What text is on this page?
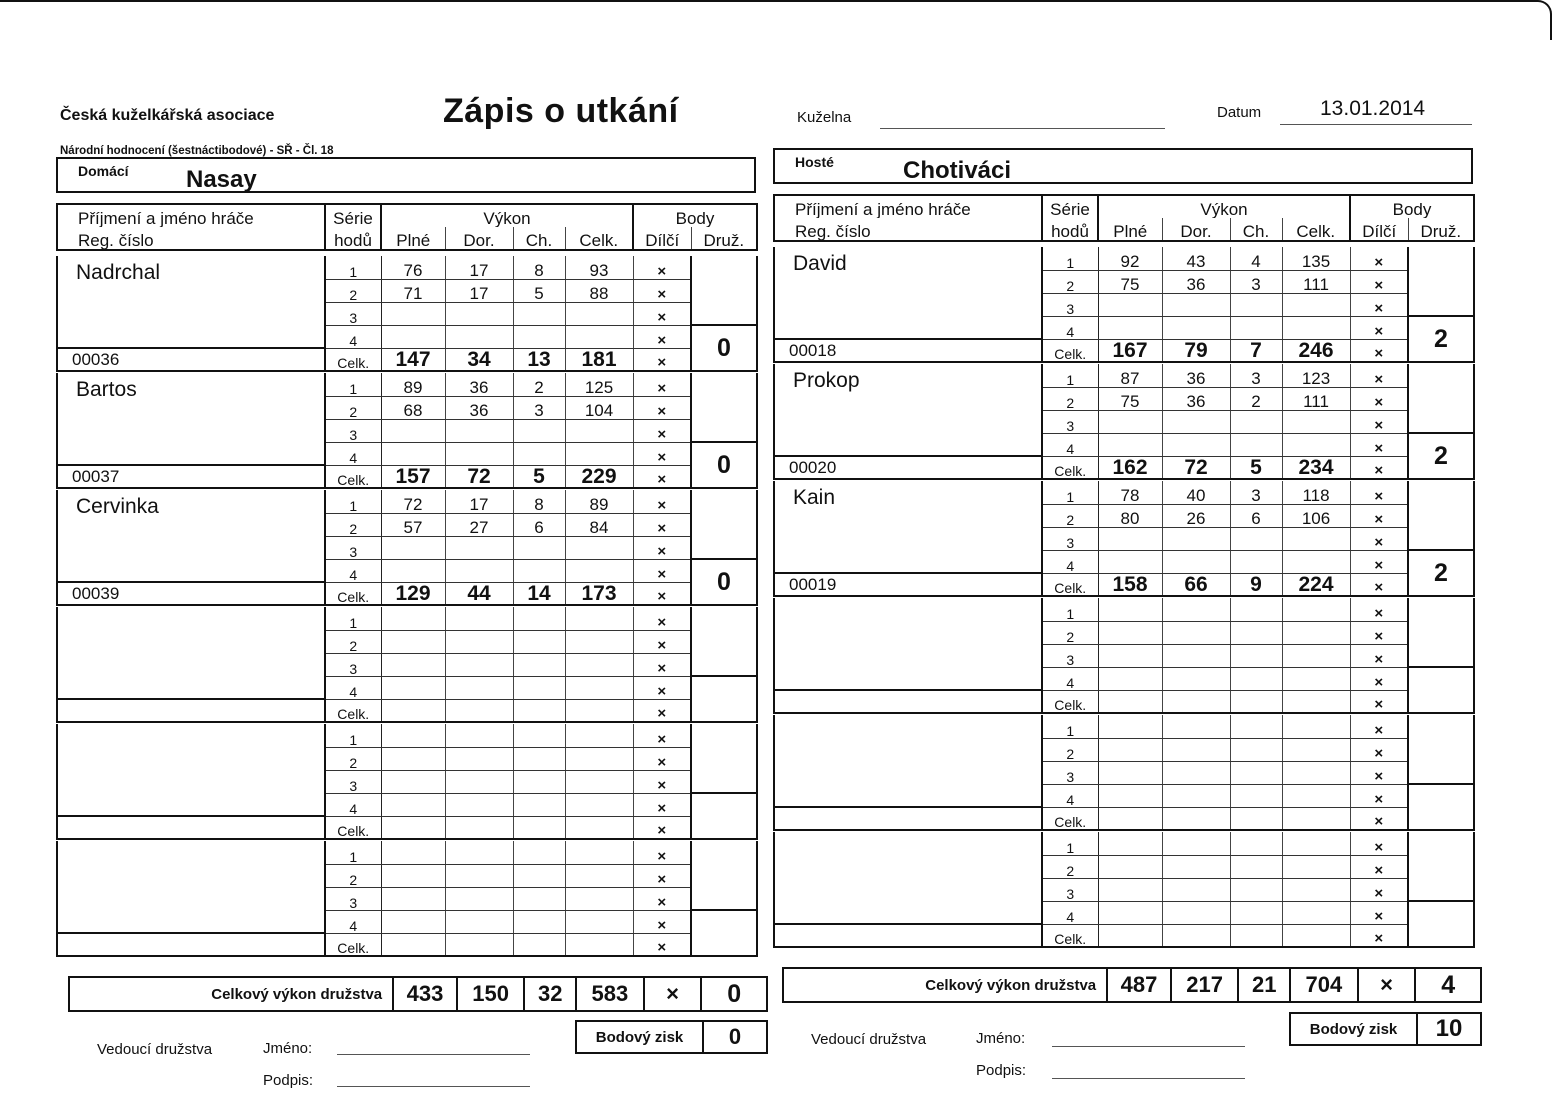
Česká kuželkářská asociace	Zápis o utkání	Kuželna	Datum	13.01.2014
Národní hodnocení (šestnáctibodové) - SŘ - Čl. 18
Domácí Nasay
Hosté	Chotiváci
Příjmení a jméno hráče	Série	Výkon				Body	
Reg. číslo	hodů	Plné	Dor.	Ch.	Celk.	Dílčí	Druž.

Nadrchal	1	76	17	8	93	×	
	2	71	17	5	88	×	
	3					×	
	4					×	0
00036	Celk.	147	34	13	181	×	

Bartos	1	89	36	2	125	×	
	2	68	36	3	104	×	
	3					×	
	4					×	0
00037	Celk.	157	72	5	229	×	

Cervinka	1	72	17	8	89	×	
	2	57	27	6	84	×	
	3					×	
	4					×	0
00039	Celk.	129	44	14	173	×	

	1					×	
	2					×	
	3					×	
	4					×	
	Celk.					×	

	1					×	
	2					×	
	3					×	
	4					×	
	Celk.					×	

	1					×	
	2					×	
	3					×	
	4					×	
	Celk.					×	

Příjmení a jméno hráče	Série	Výkon				Body	
Reg. číslo	hodů	Plné	Dor.	Ch.	Celk.	Dílčí	Druž.

David	1	92	43	4	135	×	
	2	75	36	3	111	×	
	3					×	
	4					×	2
00018	Celk.	167	79	7	246	×	

Prokop	1	87	36	3	123	×	
	2	75	36	2	111	×	
	3					×	
	4					×	2
00020	Celk.	162	72	5	234	×	

Kain	1	78	40	3	118	×	
	2	80	26	6	106	×	
	3					×	
	4					×	2
00019	Celk.	158	66	9	224	×	

	1					×	
	2					×	
	3					×	
	4					×	
	Celk.					×	

	1					×	
	2					×	
	3					×	
	4					×	
	Celk.					×	

	1					×	
	2					×	
	3					×	
	4					×	
	Celk.					×	

Celkový výkon družstva	433	150	32	583	×	0	Celkový výkon družstva	487	217	21	704	×	4
Bodový zisk	0	Bodový zisk	10
Vedoucí družstva	Jméno:
Podpis:
Vedoucí družstva	Jméno:
Podpis:
